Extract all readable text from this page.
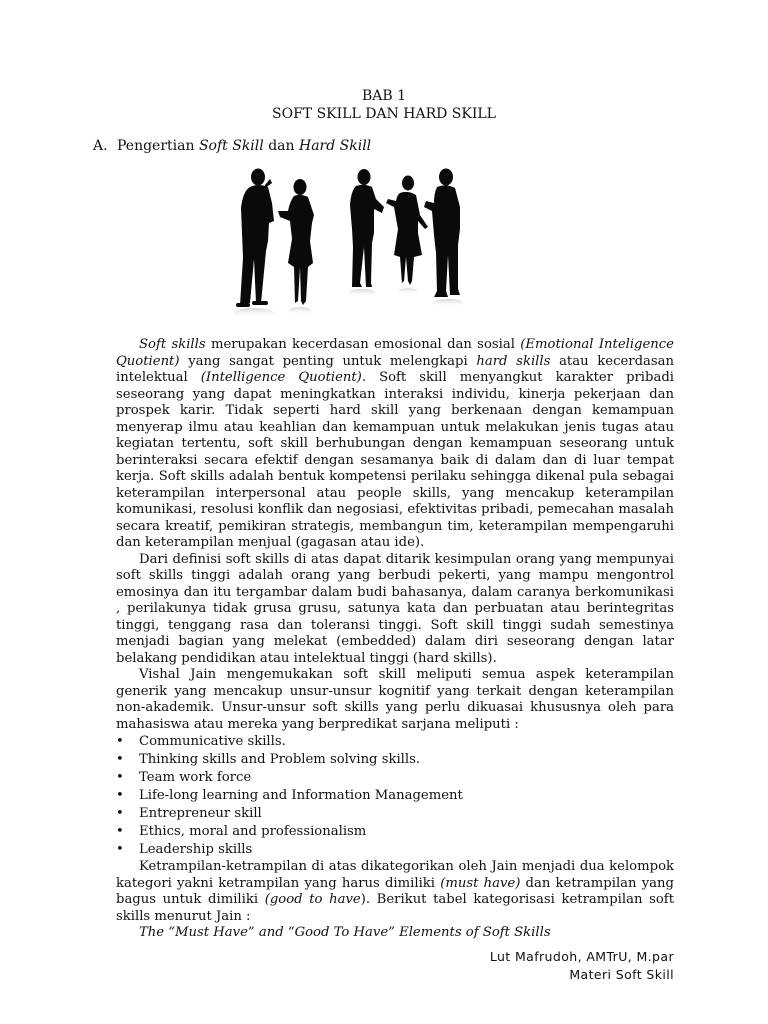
BAB 1
SOFT SKILL DAN HARD SKILL
A. Pengertian Soft Skill dan Hard Skill

Soft skills merupakan kecerdasan emosional dan sosial (Emotional Inteligence Quotient) yang sangat penting untuk melengkapi hard skills atau kecerdasan intelektual (Intelligence Quotient). Soft skill menyangkut karakter pribadi seseorang yang dapat meningkatkan interaksi individu, kinerja pekerjaan dan prospek karir. Tidak seperti hard skill yang berkenaan dengan kemampuan menyerap ilmu atau keahlian dan kemampuan untuk melakukan jenis tugas atau kegiatan tertentu, soft skill berhubungan dengan kemampuan seseorang untuk berinteraksi secara efektif dengan sesamanya baik di dalam dan di luar tempat kerja. Soft skills adalah bentuk kompetensi perilaku sehingga dikenal pula sebagai keterampilan interpersonal atau people skills, yang mencakup keterampilan komunikasi, resolusi konflik dan negosiasi, efektivitas pribadi, pemecahan masalah secara kreatif, pemikiran strategis, membangun tim, keterampilan mempengaruhi dan keterampilan menjual (gagasan atau ide).

Dari definisi soft skills di atas dapat ditarik kesimpulan orang yang mempunyai soft skills tinggi adalah orang yang berbudi pekerti, yang mampu mengontrol emosinya dan itu tergambar dalam budi bahasanya, dalam caranya berkomunikasi , perilakunya tidak grusa grusu, satunya kata dan perbuatan atau berintegritas tinggi, tenggang rasa dan toleransi tinggi. Soft skill tinggi sudah semestinya menjadi bagian yang melekat (embedded) dalam diri seseorang dengan latar belakang pendidikan atau intelektual tinggi (hard skills).

Vishal Jain mengemukakan soft skill meliputi semua aspek keterampilan generik yang mencakup unsur-unsur kognitif yang terkait dengan keterampilan non-akademik. Unsur-unsur soft skills yang perlu dikuasai khususnya oleh para mahasiswa atau mereka yang berpredikat sarjana meliputi :

• Communicative skills.
• Thinking skills and Problem solving skills.
• Team work force
• Life-long learning and Information Management
• Entrepreneur skill
• Ethics, moral and professionalism
• Leadership skills

Ketrampilan-ketrampilan di atas dikategorikan oleh Jain menjadi dua kelompok kategori yakni ketrampilan yang harus dimiliki (must have) dan ketrampilan yang bagus untuk dimiliki (good to have). Berikut tabel kategorisasi ketrampilan soft skills menurut Jain :

The “Must Have” and “Good To Have” Elements of Soft Skills

Lut Mafrudoh, AMTrU, M.par
Materi Soft Skill
